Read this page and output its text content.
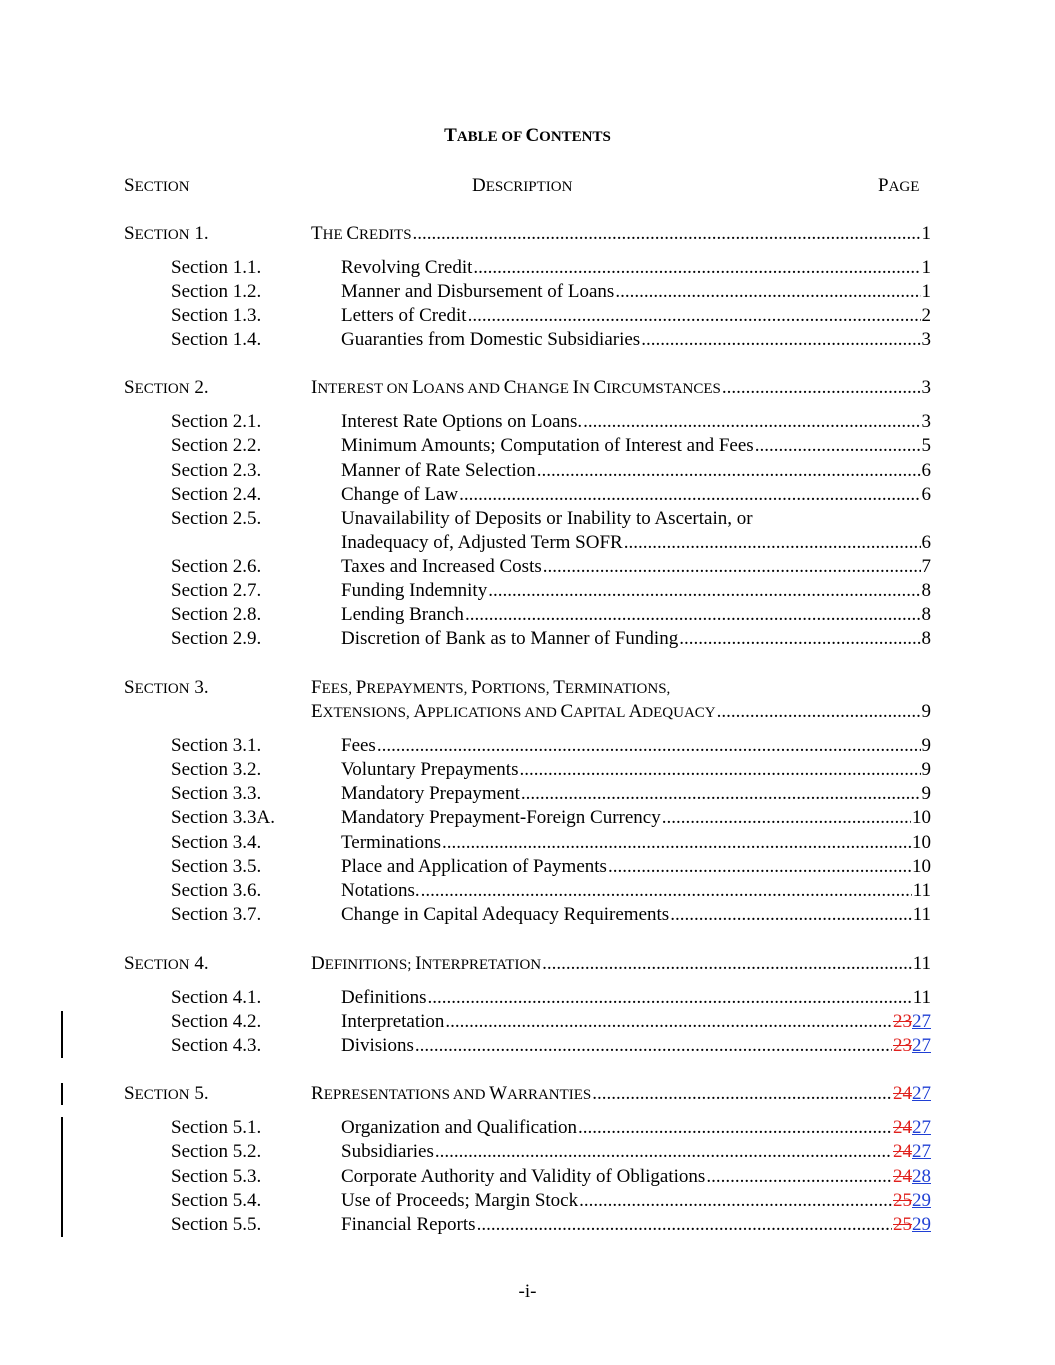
TABLE OF CONTENTS
SECTION	DESCRIPTION	PAGE
SECTION 1.	THE CREDITS .....	1
Section 1.1.	Revolving Credit .....	1
Section 1.2.	Manner and Disbursement of Loans .....	1
Section 1.3.	Letters of Credit .....	2
Section 1.4.	Guaranties from Domestic Subsidiaries .....	3
SECTION 2.	INTEREST ON LOANS AND CHANGE IN CIRCUMSTANCES .....	3
Section 2.1.	Interest Rate Options on Loans. .....	3
Section 2.2.	Minimum Amounts; Computation of Interest and Fees .....	5
Section 2.3.	Manner of Rate Selection .....	6
Section 2.4.	Change of Law .....	6
Section 2.5.	Unavailability of Deposits or Inability to Ascertain, or
Inadequacy of, Adjusted Term SOFR .....	6
Section 2.6.	Taxes and Increased Costs .....	7
Section 2.7.	Funding Indemnity .....	8
Section 2.8.	Lending Branch .....	8
Section 2.9.	Discretion of Bank as to Manner of Funding .....	8
SECTION 3.	FEES, PREPAYMENTS, PORTIONS, TERMINATIONS,
EXTENSIONS, APPLICATIONS AND CAPITAL ADEQUACY .....	9
Section 3.1.	Fees .....	9
Section 3.2.	Voluntary Prepayments .....	9
Section 3.3.	Mandatory Prepayment .....	9
Section 3.3A.	Mandatory Prepayment-Foreign Currency .....	10
Section 3.4.	Terminations .....	10
Section 3.5.	Place and Application of Payments .....	10
Section 3.6.	Notations. .....	11
Section 3.7.	Change in Capital Adequacy Requirements .....	11
SECTION 4.	DEFINITIONS; INTERPRETATION .....	11
Section 4.1.	Definitions .....	11
Section 4.2.	Interpretation .....	2327
Section 4.3.	Divisions .....	2327
SECTION 5.	REPRESENTATIONS AND WARRANTIES .....	2427
Section 5.1.	Organization and Qualification .....	2427
Section 5.2.	Subsidiaries .....	2427
Section 5.3.	Corporate Authority and Validity of Obligations .....	2428
Section 5.4.	Use of Proceeds; Margin Stock .....	2529
Section 5.5.	Financial Reports .....	2529
-i-
